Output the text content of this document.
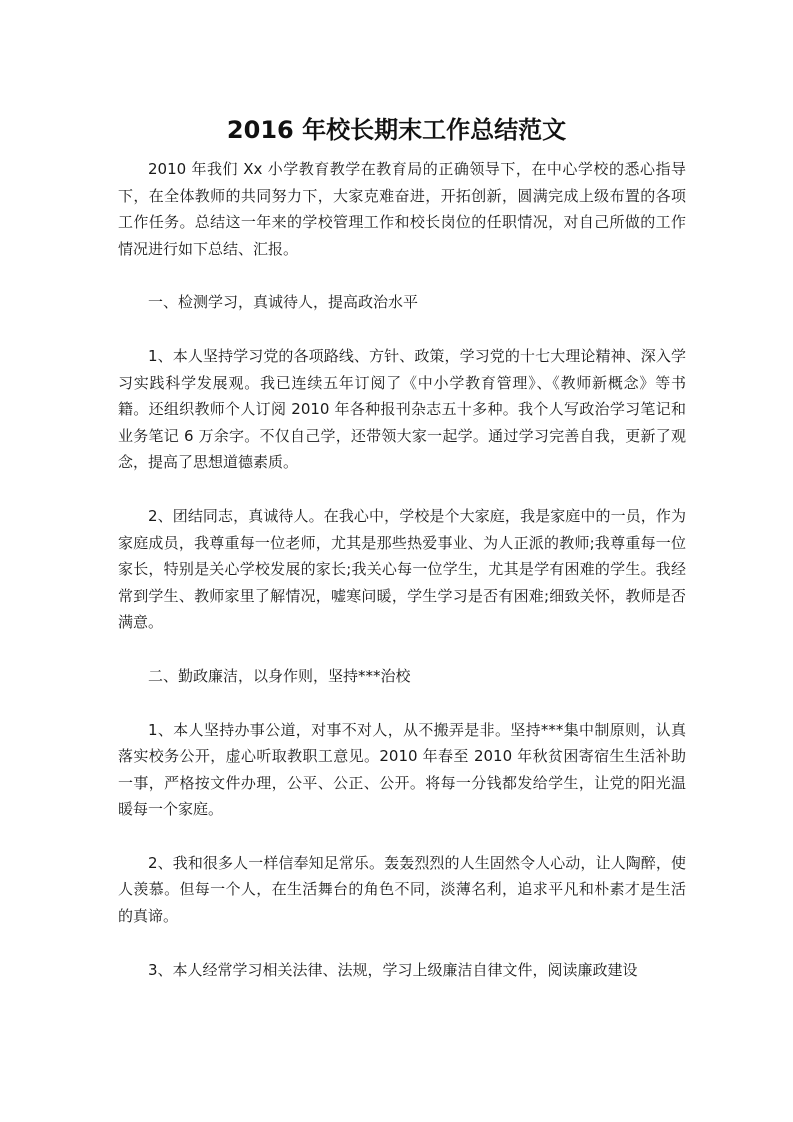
2016 年校长期末工作总结范文

2010 年我们 Xx 小学教育教学在教育局的正确领导下，在中心学校的悉心指导下，在全体教师的共同努力下，大家克难奋进，开拓创新，圆满完成上级布置的各项工作任务。总结这一年来的学校管理工作和校长岗位的任职情况，对自己所做的工作情况进行如下总结、汇报。

一、检测学习，真诚待人，提高政治水平

1、本人坚持学习党的各项路线、方针、政策，学习党的十七大理论精神、深入学习实践科学发展观。我已连续五年订阅了《中小学教育管理》、《教师新概念》等书籍。还组织教师个人订阅 2010 年各种报刊杂志五十多种。我个人写政治学习笔记和业务笔记 6 万余字。不仅自己学，还带领大家一起学。通过学习完善自我，更新了观念，提高了思想道德素质。

2、团结同志，真诚待人。在我心中，学校是个大家庭，我是家庭中的一员，作为家庭成员，我尊重每一位老师，尤其是那些热爱事业、为人正派的教师;我尊重每一位家长，特别是关心学校发展的家长;我关心每一位学生，尤其是学有困难的学生。我经常到学生、教师家里了解情况，嘘寒问暖，学生学习是否有困难;细致关怀，教师是否满意。

二、勤政廉洁，以身作则，坚持***治校

1、本人坚持办事公道，对事不对人，从不搬弄是非。坚持***集中制原则，认真落实校务公开，虚心听取教职工意见。2010 年春至 2010 年秋贫困寄宿生生活补助一事，严格按文件办理，公平、公正、公开。将每一分钱都发给学生，让党的阳光温暖每一个家庭。

2、我和很多人一样信奉知足常乐。轰轰烈烈的人生固然令人心动，让人陶醉，使人羡慕。但每一个人，在生活舞台的角色不同，淡薄名利，追求平凡和朴素才是生活的真谛。

3、本人经常学习相关法律、法规，学习上级廉洁自律文件，阅读廉政建设
